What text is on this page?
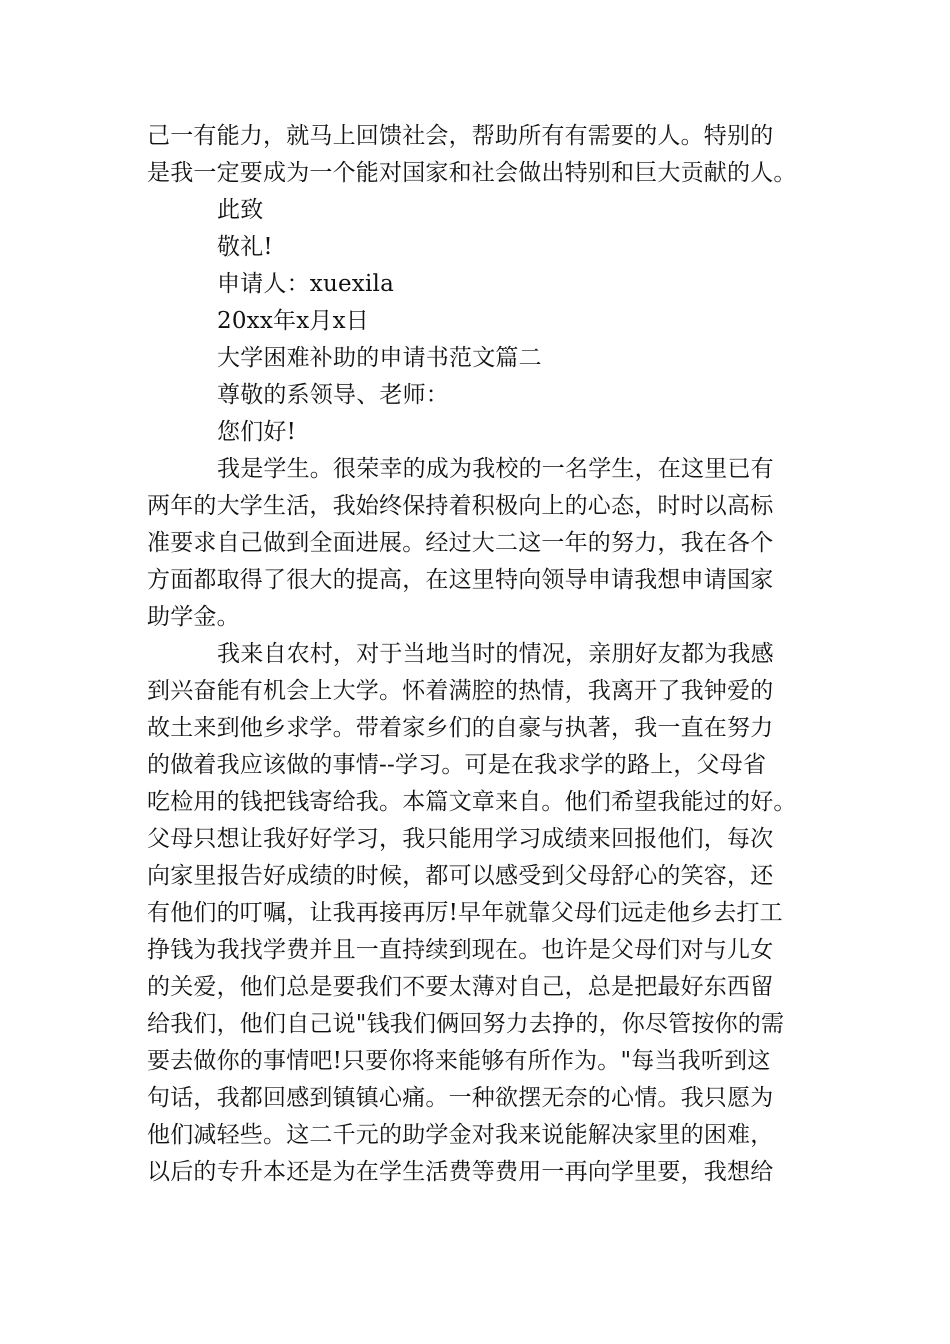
己一有能力，就马上回馈社会，帮助所有有需要的人。特别的
是我一定要成为一个能对国家和社会做出特别和巨大贡献的人。
此致
敬礼!
申请人：xuexila
20xx年x月x日
大学困难补助的申请书范文篇二
尊敬的系领导、老师：
您们好!
我是学生。很荣幸的成为我校的一名学生，在这里已有
两年的大学生活，我始终保持着积极向上的心态，时时以高标
准要求自己做到全面进展。经过大二这一年的努力，我在各个
方面都取得了很大的提高，在这里特向领导申请我想申请国家
助学金。
我来自农村，对于当地当时的情况，亲朋好友都为我感
到兴奋能有机会上大学。怀着满腔的热情，我离开了我钟爱的
故土来到他乡求学。带着家乡们的自豪与执著，我一直在努力
的做着我应该做的事情--学习。可是在我求学的路上，父母省
吃检用的钱把钱寄给我。本篇文章来自。他们希望我能过的好。
父母只想让我好好学习，我只能用学习成绩来回报他们，每次
向家里报告好成绩的时候，都可以感受到父母舒心的笑容，还
有他们的叮嘱，让我再接再厉!早年就靠父母们远走他乡去打工
挣钱为我找学费并且一直持续到现在。也许是父母们对与儿女
的关爱，他们总是要我们不要太薄对自己，总是把最好东西留
给我们，他们自己说"钱我们俩回努力去挣的，你尽管按你的需
要去做你的事情吧!只要你将来能够有所作为。"每当我听到这
句话，我都回感到镇镇心痛。一种欲摆无奈的心情。我只愿为
他们减轻些。这二千元的助学金对我来说能解决家里的困难，
以后的专升本还是为在学生活费等费用一再向学里要，我想给
